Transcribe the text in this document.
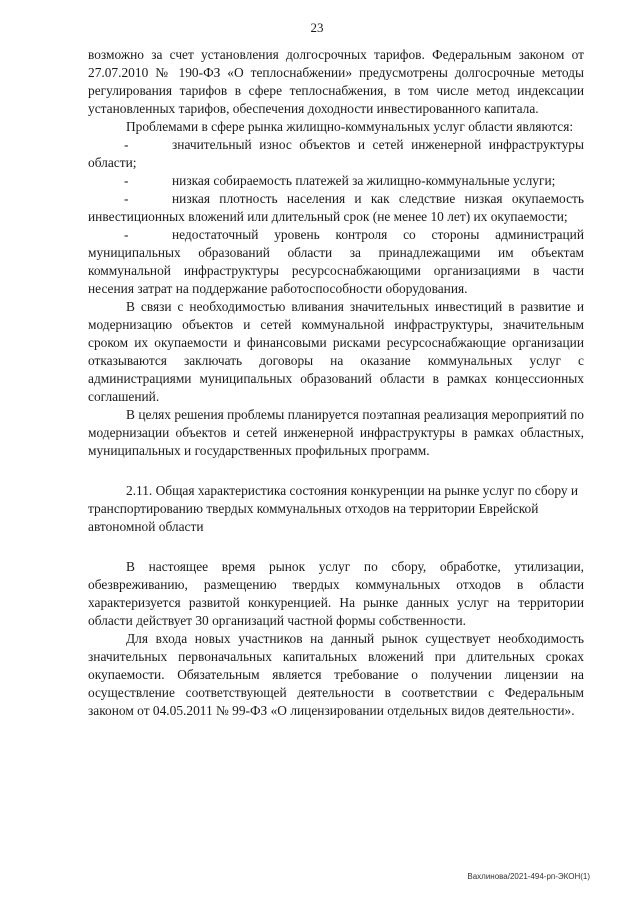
23

возможно за счет установления долгосрочных тарифов. Федеральным законом от 27.07.2010 № 190-ФЗ «О теплоснабжении» предусмотрены долгосрочные методы регулирования тарифов в сфере теплоснабжения, в том числе метод индексации установленных тарифов, обеспечения доходности инвестированного капитала.

Проблемами в сфере рынка жилищно-коммунальных услуг области являются:

-	значительный износ объектов и сетей инженерной инфраструктуры области;

-	низкая собираемость платежей за жилищно-коммунальные услуги;

-	низкая плотность населения и как следствие низкая окупаемость инвестиционных вложений или длительный срок (не менее 10 лет) их окупаемости;

-	недостаточный уровень контроля со стороны администраций муниципальных образований области за принадлежащими им объектам коммунальной инфраструктуры ресурсоснабжающими организациями в части несения затрат на поддержание работоспособности оборудования.

В связи с необходимостью вливания значительных инвестиций в развитие и модернизацию объектов и сетей коммунальной инфраструктуры, значительным сроком их окупаемости и финансовыми рисками ресурсоснабжающие организации отказываются заключать договоры на оказание коммунальных услуг с администрациями муниципальных образований области в рамках концессионных соглашений.

В целях решения проблемы планируется поэтапная реализация мероприятий по модернизации объектов и сетей инженерной инфраструктуры в рамках областных, муниципальных и государственных профильных программ.

2.11. Общая характеристика состояния конкуренции на рынке услуг по сбору и транспортированию твердых коммунальных отходов на территории Еврейской автономной области

В настоящее время рынок услуг по сбору, обработке, утилизации, обезвреживанию, размещению твердых коммунальных отходов в области характеризуется развитой конкуренцией. На рынке данных услуг на территории области действует 30 организаций частной формы собственности.

Для входа новых участников на данный рынок существует необходимость значительных первоначальных капитальных вложений при длительных сроках окупаемости. Обязательным является требование о получении лицензии на осуществление соответствующей деятельности в соответствии с Федеральным законом от 04.05.2011 № 99-ФЗ «О лицензировании отдельных видов деятельности».

Вахлинова/2021-494-рп-ЭКОН(1)
